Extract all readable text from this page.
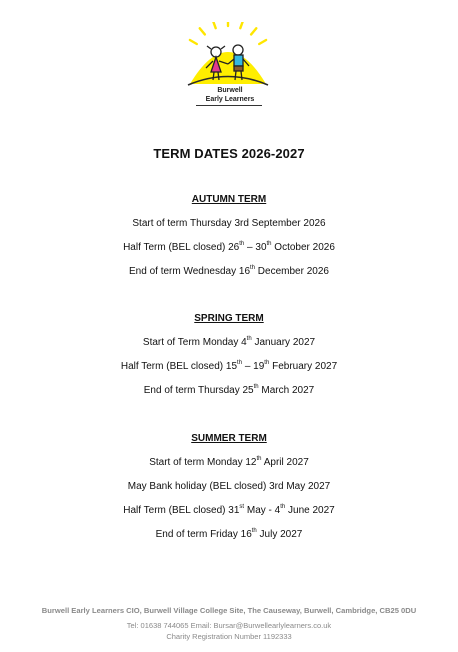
Burwell
Early Learners
TERM DATES 2026-2027
AUTUMN TERM
Start of term Thursday 3rd September 2026
Half Term (BEL closed) 26th – 30th October 2026
End of term Wednesday 16th December 2026
SPRING TERM
Start of Term Monday 4th January 2027
Half Term (BEL closed) 15th – 19th February 2027
End of term Thursday 25th March 2027
SUMMER TERM
Start of term Monday 12th April 2027
May Bank holiday (BEL closed) 3rd May 2027
Half Term (BEL closed) 31st May - 4th June 2027
End of term Friday 16th July 2027
Burwell Early Learners CIO, Burwell Village College Site, The Causeway, Burwell, Cambridge, CB25 0DU
Tel: 01638 744065 Email: Bursar@Burwellearlylearners.co.uk
Charity Registration Number 1192333
